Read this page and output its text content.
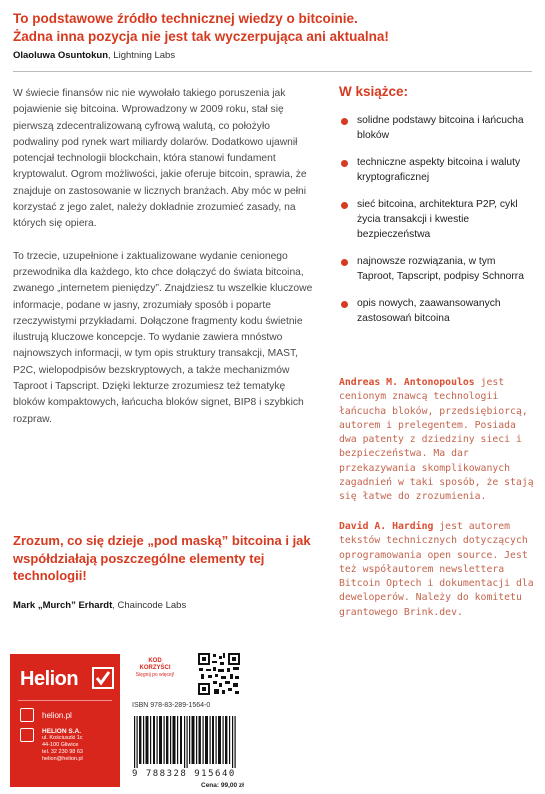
To podstawowe źródło technicznej wiedzy o bitcoinie.
Żadna inna pozycja nie jest tak wyczerpująca ani aktualna!
Olaoluwa Osuntokun, Lightning Labs

W świecie finansów nic nie wywołało takiego poruszenia jak pojawienie się bitcoina. Wprowadzony w 2009 roku, stał się pierwszą zdecentralizowaną cyfrową walutą, co położyło podwaliny pod rynek wart miliardy dolarów. Dodatkowo ujawnił potencjał technologii blockchain, która stanowi fundament kryptowalut. Ogrom możliwości, jakie oferuje bitcoin, sprawia, że znajduje on zastosowanie w licznych branżach. Aby móc w pełni korzystać z jego zalet, należy dokładnie zrozumieć zasady, na których się opiera.

To trzecie, uzupełnione i zaktualizowane wydanie cenionego przewodnika dla każdego, kto chce dołączyć do świata bitcoina, zwanego „internetem pieniędzy”. Znajdziesz tu wszelkie kluczowe informacje, podane w jasny, zrozumiały sposób i poparte rzeczywistymi przykładami. Dołączone fragmenty kodu świetnie ilustrują kluczowe koncepcje. To wydanie zawiera mnóstwo najnowszych informacji, w tym opis struktury transakcji, MAST, P2C, wielopodpisów bezskryptowych, a także mechanizmów Taproot i Tapscript. Dzięki lekturze zrozumiesz też tematykę bloków kompaktowych, łańcucha bloków signet, BIP8 i szybkich rozpraw.

Zrozum, co się dzieje „pod maską” bitcoina i jak współdziałają poszczególne elementy tej technologii!
Mark „Murch” Erhardt, Chaincode Labs
W książce:
solidne podstawy bitcoina i łańcucha bloków
techniczne aspekty bitcoina i waluty kryptograficznej
sieć bitcoina, architektura P2P, cykl życia transakcji i kwestie bezpieczeństwa
najnowsze rozwiązania, w tym Taproot, Tapscript, podpisy Schnorra
opis nowych, zaawansowanych zastosowań bitcoina
Andreas M. Antonopoulos jest cenionym znawcą technologii łańcucha bloków, przedsiębiorcą, autorem i prelegentem. Posiada dwa patenty z dziedziny sieci i bezpieczeństwa. Ma dar przekazywania skomplikowanych zagadnień w taki sposób, że stają się łatwe do zrozumienia.
David A. Harding jest autorem tekstów technicznych dotyczących oprogramowania open source. Jest też współautorem newslettera Bitcoin Optech i dokumentacji dla deweloperów. Należy do komitetu grantowego Brink.dev.
Helion
helion.pl
HELION S.A.
ul. Kościuszki 1c
44-100 Gliwice
tel. 32 230 98 63
helion@helion.pl
KOD KORZYŚCI
Sięgnij po więcej!
ISBN 978-83-289-1564-0
9 788328 915640
Cena: 99,00 zł
